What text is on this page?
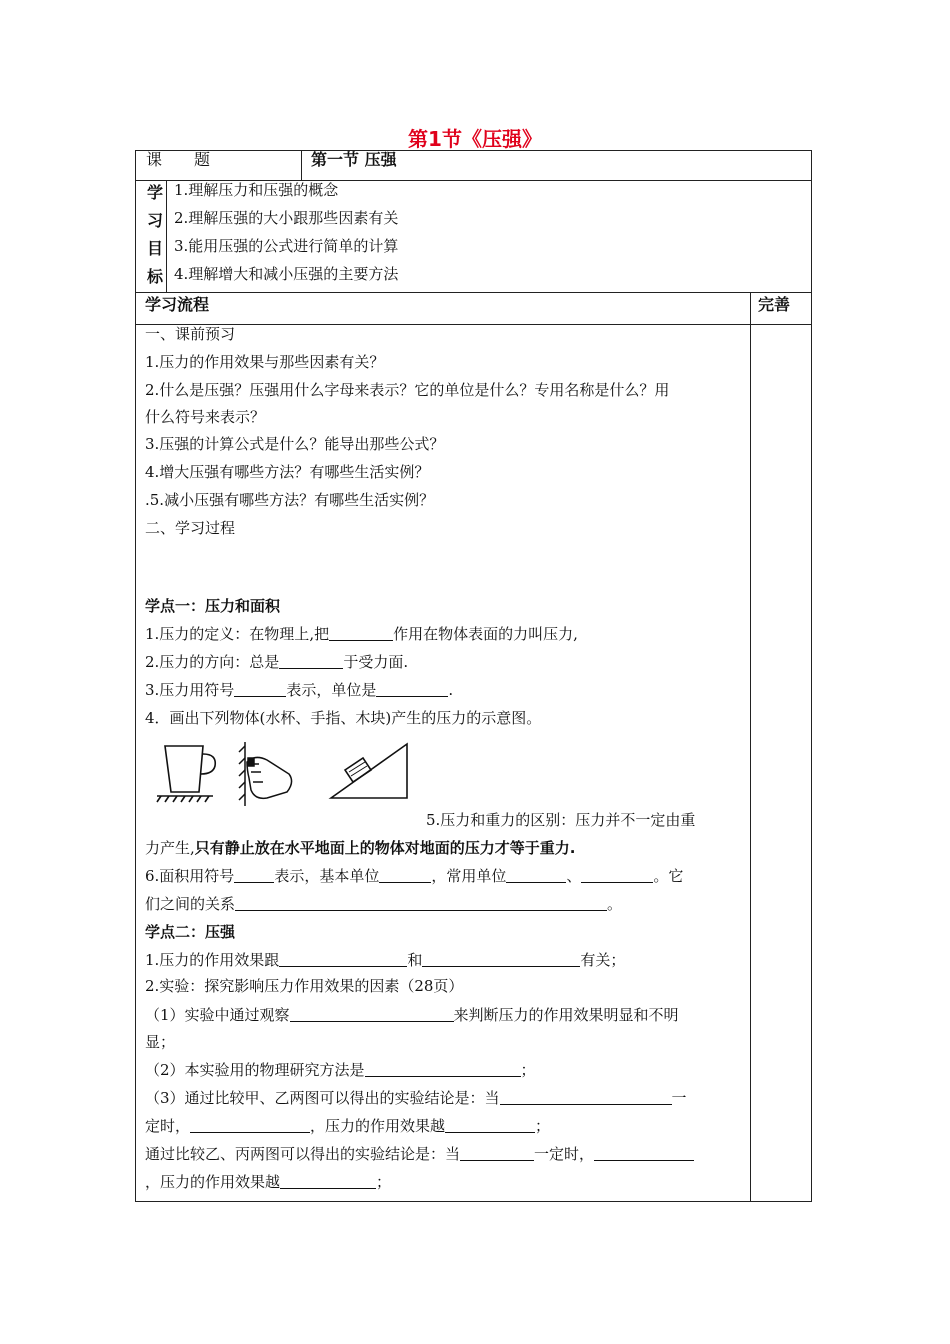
第1节《压强》
课　　题	第一节 压强
学
习
目
标
1.理解压力和压强的概念
2.理解压强的大小跟那些因素有关
3.能用压强的公式进行简单的计算
4.理解增大和减小压强的主要方法
学习流程	完善
一、课前预习
1.压力的作用效果与那些因素有关？
2.什么是压强？压强用什么字母来表示？它的单位是什么？专用名称是什么？用
什么符号来表示？
3.压强的计算公式是什么？能导出那些公式？
4.增大压强有哪些方法？有哪些生活实例？
.5.减小压强有哪些方法？有哪些生活实例？
二、学习过程
学点一：压力和面积
1.压力的定义：在物理上,把	作用在物体表面的力叫压力,
2.压力的方向：总是	于受力面.
3.压力用符号	表示，单位是	.
4．画出下列物体(水杯、手指、木块)产生的压力的示意图。
5.压力和重力的区别：压力并不一定由重
力产生,只有静止放在水平地面上的物体对地面的压力才等于重力.
6.面积用符号	表示，基本单位	，常用单位	、	。它
们之间的关系	。
学点二：压强
1.压力的作用效果跟	和	有关；
2.实验：探究影响压力作用效果的因素（28页）
（1）实验中通过观察	来判断压力的作用效果明显和不明
显；
（2）本实验用的物理研究方法是	；
（3）通过比较甲、乙两图可以得出的实验结论是：当	一
定时，	，压力的作用效果越	；
通过比较乙、丙两图可以得出的实验结论是：当	一定时，
，压力的作用效果越	；
